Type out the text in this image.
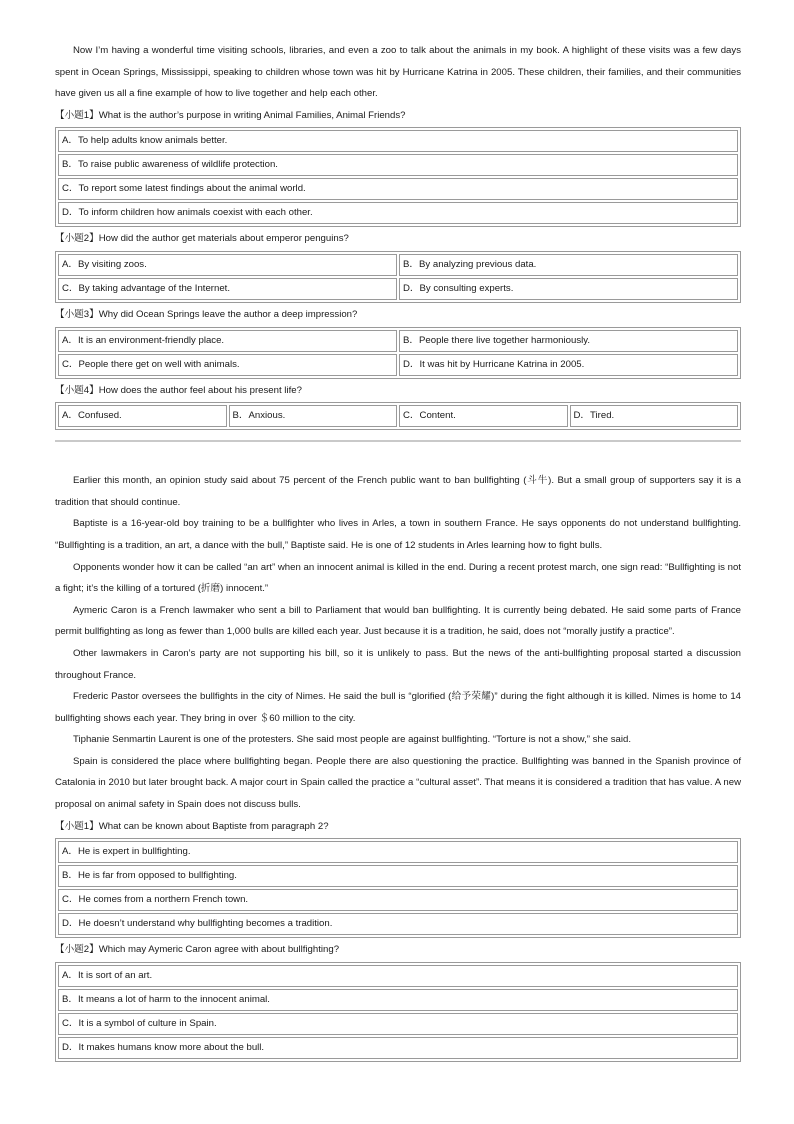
Now I’m having a wonderful time visiting schools, libraries, and even a zoo to talk about the animals in my book. A highlight of these visits was a few days spent in Ocean Springs, Mississippi, speaking to children whose town was hit by Hurricane Katrina in 2005. These children, their families, and their communities have given us all a fine example of how to live together and help each other.

【小题1】What is the author’s purpose in writing Animal Families, Animal Friends?

A．To help adults know animals better.
B．To raise public awareness of wildlife protection.
C．To report some latest findings about the animal world.
D．To inform children how animals coexist with each other.

【小题2】How did the author get materials about emperor penguins?

A．By visiting zoos.	B．By analyzing previous data.
C．By taking advantage of the Internet.	D．By consulting experts.

【小题3】Why did Ocean Springs leave the author a deep impression?

A．It is an environment-friendly place.	B．People there live together harmoniously.
C．People there get on well with animals.	D．It was hit by Hurricane Katrina in 2005.

【小题4】How does the author feel about his present life?

A．Confused.	B．Anxious.	C．Content.	D．Tired.

Earlier this month, an opinion study said about 75 percent of the French public want to ban bullfighting (斗牛). But a small group of supporters say it is a tradition that should continue.

Baptiste is a 16-year-old boy training to be a bullfighter who lives in Arles, a town in southern France. He says opponents do not understand bullfighting. “Bullfighting is a tradition, an art, a dance with the bull,” Baptiste said. He is one of 12 students in Arles learning how to fight bulls.

Opponents wonder how it can be called “an art” when an innocent animal is killed in the end. During a recent protest march, one sign read: “Bullfighting is not a fight; it’s the killing of a tortured (折磨) innocent.”

Aymeric Caron is a French lawmaker who sent a bill to Parliament that would ban bullfighting. It is currently being debated. He said some parts of France permit bullfighting as long as fewer than 1,000 bulls are killed each year. Just because it is a tradition, he said, does not “morally justify a practice”.

Other lawmakers in Caron’s party are not supporting his bill, so it is unlikely to pass. But the news of the anti-bullfighting proposal started a discussion throughout France.

Frederic Pastor oversees the bullfights in the city of Nimes. He said the bull is “glorified (给予荣耀)” during the fight although it is killed. Nimes is home to 14 bullfighting shows each year. They bring in over ＄60 million to the city.

Tiphanie Senmartin Laurent is one of the protesters. She said most people are against bullfighting. “Torture is not a show,” she said.

Spain is considered the place where bullfighting began. People there are also questioning the practice. Bullfighting was banned in the Spanish province of Catalonia in 2010 but later brought back. A major court in Spain called the practice a “cultural asset”. That means it is considered a tradition that has value. A new proposal on animal safety in Spain does not discuss bulls.

【小题1】What can be known about Baptiste from paragraph 2?

A．He is expert in bullfighting.
B．He is far from opposed to bullfighting.
C．He comes from a northern French town.
D．He doesn’t understand why bullfighting becomes a tradition.

【小题2】Which may Aymeric Caron agree with about bullfighting?

A．It is sort of an art.
B．It means a lot of harm to the innocent animal.
C．It is a symbol of culture in Spain.
D．It makes humans know more about the bull.
